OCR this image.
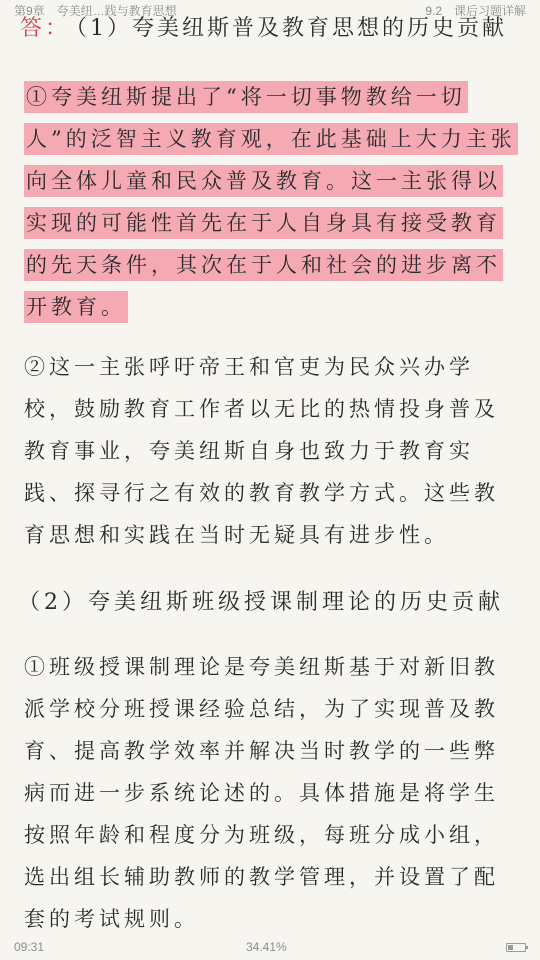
第9章　夸美纽…践与教育思想	9.2　课后习题详解
答： （1）夸美纽斯普及教育思想的历史贡献
①夸美纽斯提出了“将一切事物教给一切人”的泛智主义教育观，在此基础上大力主张向全体儿童和民众普及教育。这一主张得以实现的可能性首先在于人自身具有接受教育的先天条件，其次在于人和社会的进步离不开教育。
②这一主张呼吁帝王和官吏为民众兴办学校，鼓励教育工作者以无比的热情投身普及教育事业，夸美纽斯自身也致力于教育实践、探寻行之有效的教育教学方式。这些教育思想和实践在当时无疑具有进步性。
（2）夸美纽斯班级授课制理论的历史贡献
①班级授课制理论是夸美纽斯基于对新旧教派学校分班授课经验总结，为了实现普及教育、提高教学效率并解决当时教学的一些弊病而进一步系统论述的。具体措施是将学生按照年龄和程度分为班级，每班分成小组，选出组长辅助教师的教学管理，并设置了配套的考试规则。
09:31	34.41%
